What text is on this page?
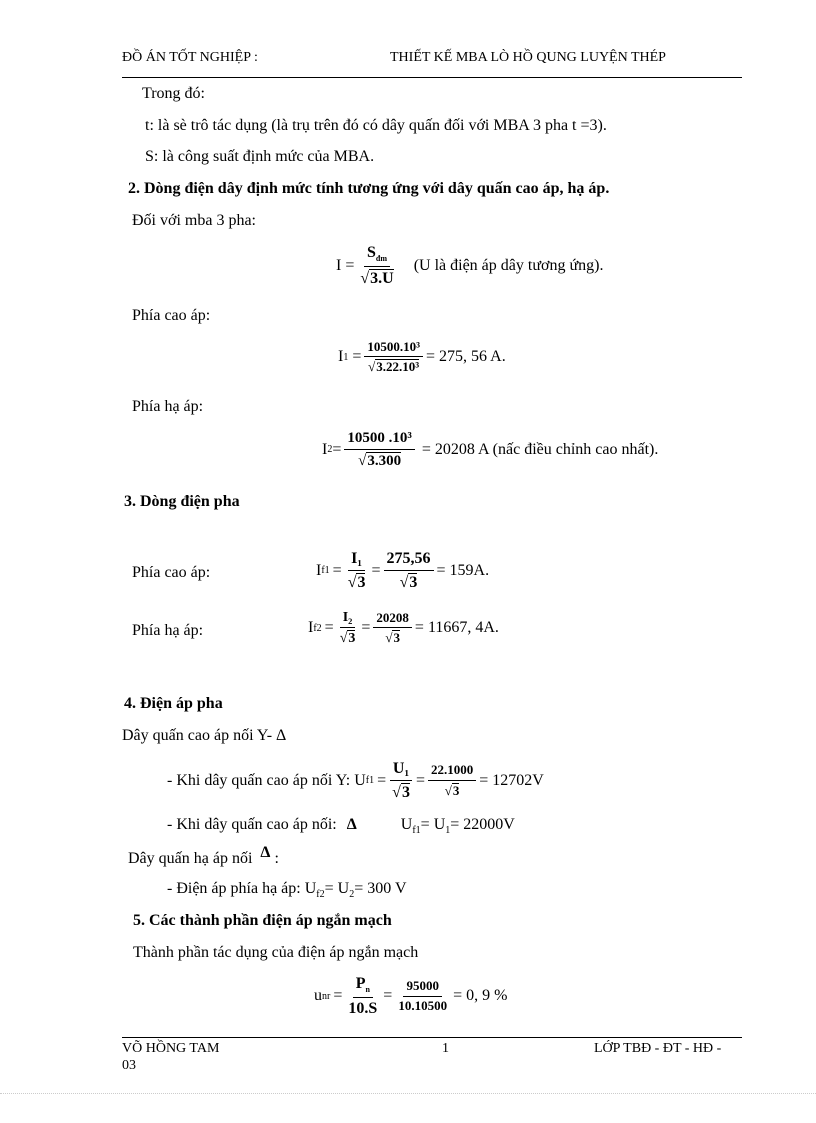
ĐỒ ÁN TỐT NGHIỆP :	THIẾT KẾ MBA LÒ HỒ QUNG LUYỆN THÉP
Trong đó:
t: là sè trô tác dụng (là trụ trên đó có dây quấn đối với MBA 3 pha t =3).
S: là công suất định mức của MBA.
2. Dòng điện dây định mức tính tương ứng với dây quấn cao áp, hạ áp.
Đối với mba 3 pha:
$I = \frac{S_{đm}}{√3.U} (U$ là điện áp dây tương ứng).
Phía cao áp:
I $1 = \frac{\text{10500.10³}}{\text{√3.22.10³}} = 275$, 56 A.
Phía hạ áp:
I $2 = \frac{\text{10500 .10³}}{√3.300} = 20208$ A (nấc điều chỉnh cao nhất).
3. Dòng điện pha
Phía cao áp:	I $f1 = \frac{\text{I₁}}{√3} = \frac{275,56}{√3} = 159A$.
Phía hạ áp:	I $f2 = \frac{\text{I₂}}{√3} = \frac{20208}{√3} = 11667$, 4A.
4. Điện áp pha
Dây quấn cao áp nối Y- Δ
- Khi dây quấn cao áp nối Y: U $f1 = \frac{\text{U₁}}{√3} = \frac{22.1000}{√3} = 12702V$
- Khi dây quấn cao áp nối: Δ	$U_{f1}= U_1= 22000V$
Dây quấn hạ áp nối Δ :
- Điện áp phía hạ áp: $U_{f2}= U_2= 300$ V
5. Các thành phần điện áp ngắn mạch
Thành phần tác dụng của điện áp ngắn mạch
u nr = $\frac{P_n}{10.S} = \frac{95000}{10.10500} = 0$, 9 %
VÕ HỒNG TAM
03
1	LỚP TBĐ - ĐT - HĐ -
